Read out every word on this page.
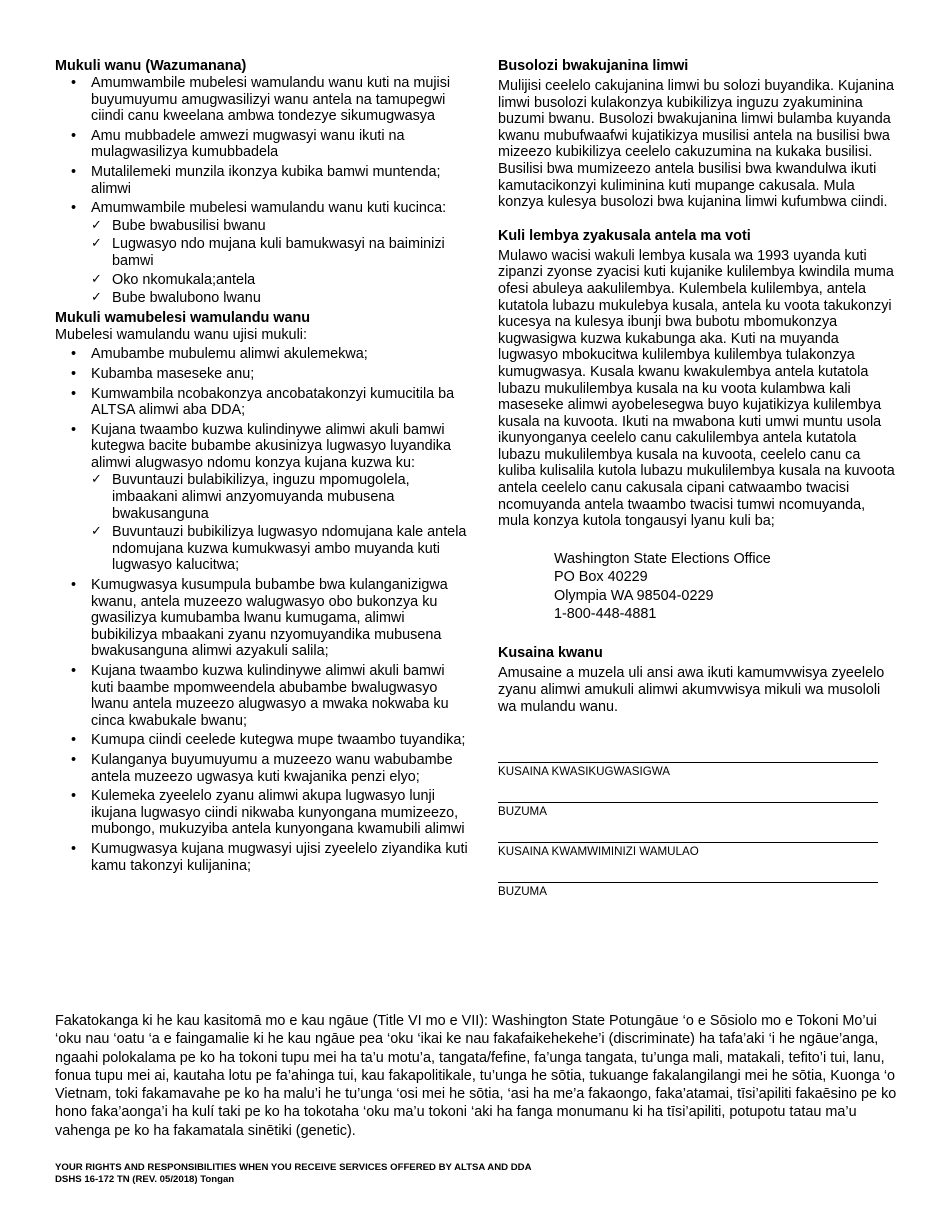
Mukuli wanu (Wazumanana)
• Amumwambile mubelesi wamulandu wanu kuti na mujisi buyumuyumu amugwasilizyi wanu antela na tamupegwi ciindi canu kweelana ambwa tondezye sikumugwasya
• Amu mubbadele amwezi mugwasyi wanu ikuti na mulagwasilizya kumubbadela
• Mutalilemeki munzila ikonzya kubika bamwi muntenda; alimwi
• Amumwambile mubelesi wamulandu wanu kuti kucinca:
✓ Bube bwabusilisi bwanu
✓ Lugwasyo ndo mujana kuli bamukwasyi na baiminizi bamwi
✓ Oko nkomukala;antela
✓ Bube bwalubono lwanu
Mukuli wamubelesi wamulandu wanu

Mubelesi wamulandu wanu ujisi mukuli:

• Amubambe mubulemu alimwi akulemekwa;
• Kubamba maseseke anu;
• Kumwambila ncobakonzya ancobatakonzyi kumucitila ba ALTSA alimwi aba DDA;
• Kujana twaambo kuzwa kulindinywe alimwi akuli bamwi kutegwa bacite bubambe akusinizya lugwasyo luyandika alimwi alugwasyo ndomu konzya kujana kuzwa ku:
✓ Buvuntauzi bulabikilizya, inguzu mpomugolela, imbaakani alimwi anzyomuyanda mubusena bwakusanguna
✓ Buvuntauzi bubikilizya lugwasyo ndomujana kale antela ndomujana kuzwa kumukwasyi ambo muyanda kuti lugwasyo kalucitwa;
• Kumugwasya kusumpula bubambe bwa kulanganizigwa kwanu, antela muzeezo walugwasyo obo bukonzya ku gwasilizya kumubamba lwanu kumugama, alimwi bubikilizya mbaakani zyanu nzyomuyandika mubusena bwakusanguna alimwi azyakuli salila;
• Kujana twaambo kuzwa kulindinywe alimwi akuli bamwi kuti baambe mpomweendela abubambe bwalugwasyo lwanu antela muzeezo alugwasyo a mwaka nokwaba ku cinca kwabukale bwanu;
• Kumupa ciindi ceelede kutegwa mupe twaambo tuyandika;
• Kulanganya buyumuyumu a muzeezo wanu wabubambe antela muzeezo ugwasya kuti kwajanika penzi elyo;
• Kulemeka zyeelelo zyanu alimwi akupa lugwasyo lunji ikujana lugwasyo ciindi nikwaba kunyongana mumizeezo, mubongo, mukuzyiba antela kunyongana kwamubili alimwi
• Kumugwasya kujana mugwasyi ujisi zyeelelo ziyandika kuti kamu takonzyi kulijanina;
Busolozi bwakujanina limwi

Mulijisi ceelelo cakujanina limwi bu solozi buyandika. Kujanina limwi busolozi kulakonzya kubikilizya inguzu zyakuminina buzumi bwanu. Busolozi bwakujanina limwi bulamba kuyanda kwanu mubufwaafwi kujatikizya musilisi antela na busilisi bwa mizeezo kubikilizya ceelelo cakuzumina na kukaka busilisi. Busilisi bwa mumizeezo antela busilisi bwa kwandulwa ikuti kamutacikonzyi kuliminina kuti mupange cakusala. Mula konzya kulesya busolozi bwa kujanina limwi kufumbwa ciindi.

Kuli lembya zyakusala antela ma voti

Mulawo wacisi wakuli lembya kusala wa 1993 uyanda kuti zipanzi zyonse zyacisi kuti kujanike kulilembya kwindila muma ofesi abuleya aakulilembya. Kulembela kulilembya, antela kutatola lubazu mukulebya kusala, antela ku voota takukonzyi kucesya na kulesya ibunji bwa bubotu mbomukonzya kugwasigwa kuzwa kukabunga aka. Kuti na muyanda lugwasyo mbokucitwa kulilembya kulilembya tulakonzya kumugwasya. Kusala kwanu kwakulembya antela kutatola lubazu mukulilembya kusala na ku voota kulambwa kali maseseke alimwi ayobelesegwa buyo kujatikizya kulilembya kusala na kuvoota. Ikuti na mwabona kuti umwi muntu usola ikunyonganya ceelelo canu cakulilembya antela kutatola lubazu mukulilembya kusala na kuvoota, ceelelo canu ca kuliba kulisalila kutola lubazu mukulilembya kusala na kuvoota antela ceelelo canu cakusala cipani catwaambo twacisi ncomuyanda antela twaambo twacisi tumwi ncomuyanda, mula konzya kutola tongausyi lyanu kuli ba;

Washington State Elections Office
PO Box 40229
Olympia WA 98504-0229
1-800-448-4881
Kusaina kwanu

Amusaine a muzela uli ansi awa ikuti kamumvwisya zyeelelo zyanu alimwi amukuli alimwi akumvwisya mikuli wa musololi wa mulandu wanu.

KUSAINA KWASIKUGWASIGWA
BUZUMA
KUSAINA KWAMWIMINIZI WAMULAO
BUZUMA

Fakatokanga ki he kau kasitomā mo e kau ngāue (Title VI mo e VII): Washington State Potungāue ‘o e Sōsiolo mo e Tokoni Mo’ui ‘oku nau ‘oatu ‘a e faingamalie ki he kau ngāue pea ‘oku ‘ikai ke nau fakafaikehekehe’i (discriminate) ha tafa’aki ‘i he ngāue’anga, ngaahi polokalama pe ko ha tokoni tupu mei ha ta’u motu’a, tangata/fefine, fa’unga tangata, tu’unga mali, matakali, tefito’i tui, lanu, fonua tupu mei ai, kautaha lotu pe fa’ahinga tui, kau fakapolitikale, tu’unga he sōtia, tukuange fakalangilangi mei he sōtia, Kuonga ‘o Vietnam, toki fakamavahe pe ko ha malu’i he tu’unga ‘osi mei he sōtia, ‘asi ha me’a fakaongo, faka’atamai, tīsi’apiliti fakaēsino pe ko hono faka’aonga’i ha kulí taki pe ko ha tokotaha ‘oku ma’u tokoni ‘aki ha fanga monumanu ki ha tīsi’apiliti, potupotu tatau ma’u vahenga pe ko ha fakamatala sinētiki (genetic).

YOUR RIGHTS AND RESPONSIBILITIES WHEN YOU RECEIVE SERVICES OFFERED BY ALTSA AND DDA
DSHS 16-172 TN (REV. 05/2018) Tongan
